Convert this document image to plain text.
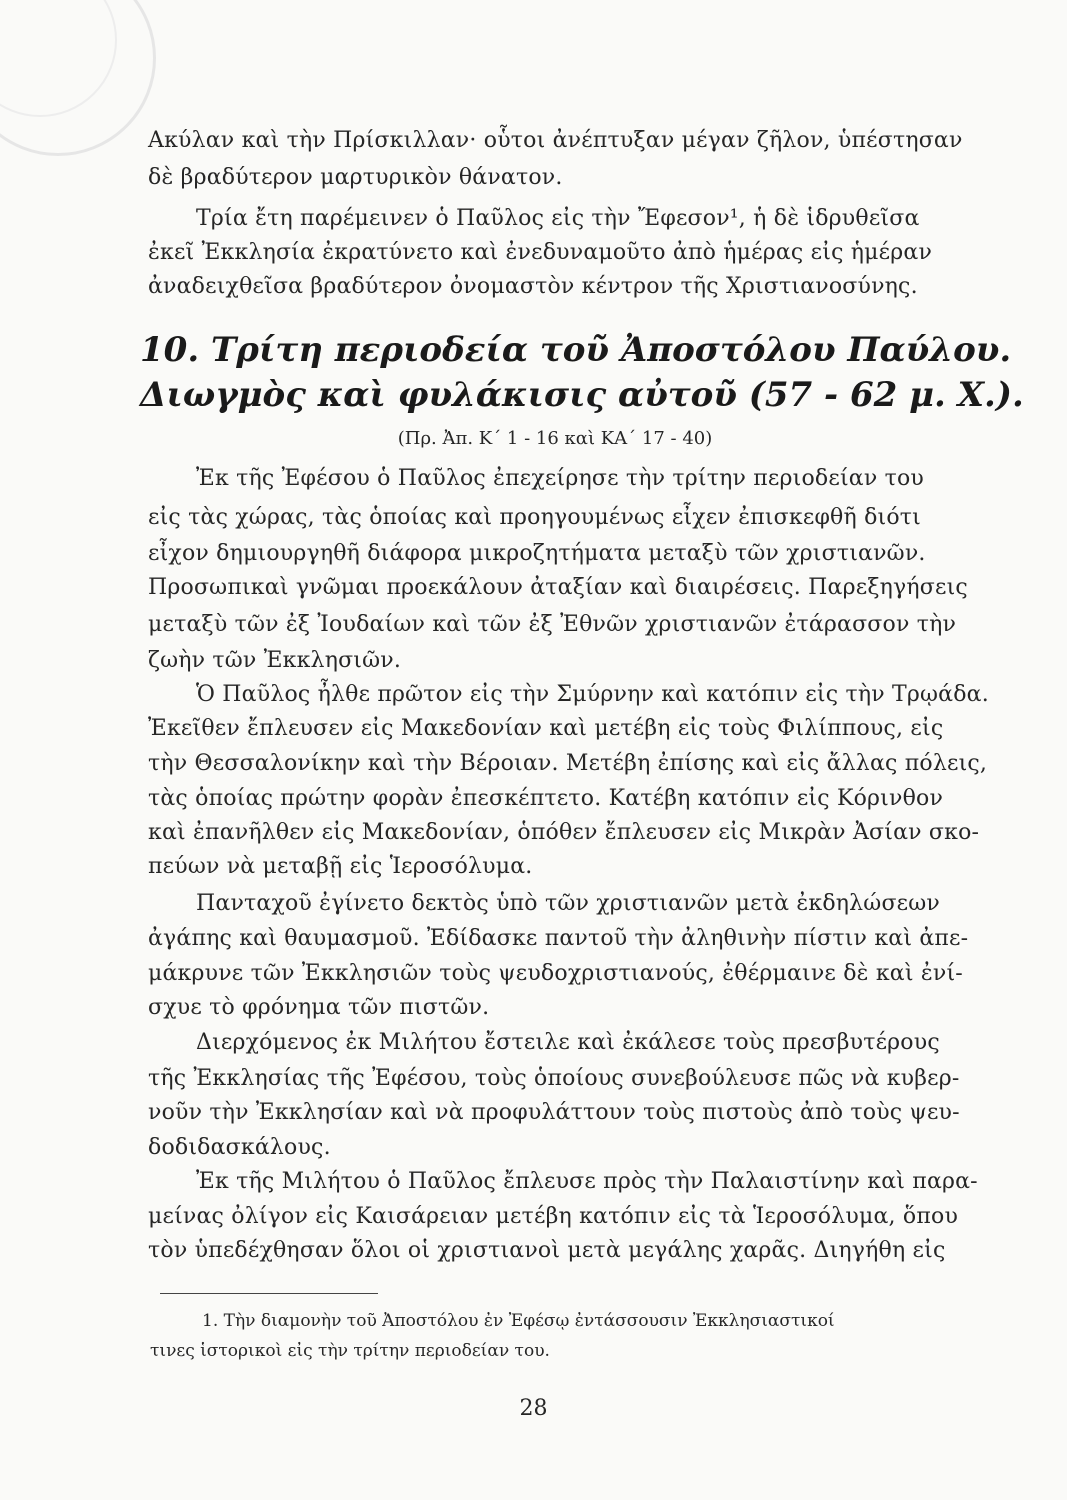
Ακύλαν καὶ τὴν Πρίσκιλλαν· οὗτοι ἀνέπτυξαν μέγαν ζῆλον, ὑπέστησαν
δὲ βραδύτερον μαρτυρικὸν θάνατον.
Τρία ἔτη παρέμεινεν ὁ Παῦλος εἰς τὴν Ἔφεσον¹, ἡ δὲ ἱδρυθεῖσα
ἐκεῖ Ἐκκλησία ἐκρατύνετο καὶ ἐνεδυναμοῦτο ἀπὸ ἡμέρας εἰς ἡμέραν
ἀναδειχθεῖσα βραδύτερον ὀνομαστὸν κέντρον τῆς Χριστιανοσύνης.
10. Τρίτη περιοδεία τοῦ Ἀποστόλου Παύλου.
Διωγμὸς καὶ φυλάκισις αὐτοῦ (57 - 62 μ. Χ.).
(Πρ. Ἀπ. Κ΄ 1 - 16 καὶ ΚΑ΄ 17 - 40)
Ἐκ τῆς Ἐφέσου ὁ Παῦλος ἐπεχείρησε τὴν τρίτην περιοδείαν του
εἰς τὰς χώρας, τὰς ὁποίας καὶ προηγουμένως εἶχεν ἐπισκεφθῆ διότι
εἶχον δημιουργηθῆ διάφορα μικροζητήματα μεταξὺ τῶν χριστιανῶν.
Προσωπικαὶ γνῶμαι προεκάλουν ἀταξίαν καὶ διαιρέσεις. Παρεξηγήσεις
μεταξὺ τῶν ἐξ Ἰουδαίων καὶ τῶν ἐξ Ἐθνῶν χριστιανῶν ἐτάρασσον τὴν
ζωὴν τῶν Ἐκκλησιῶν.
Ὁ Παῦλος ἦλθε πρῶτον εἰς τὴν Σμύρνην καὶ κατόπιν εἰς τὴν Τρῳάδα.
Ἐκεῖθεν ἔπλευσεν εἰς Μακεδονίαν καὶ μετέβη εἰς τοὺς Φιλίππους, εἰς
τὴν Θεσσαλονίκην καὶ τὴν Βέροιαν. Μετέβη ἐπίσης καὶ εἰς ἄλλας πόλεις,
τὰς ὁποίας πρώτην φορὰν ἐπεσκέπτετο. Κατέβη κατόπιν εἰς Κόρινθον
καὶ ἐπανῆλθεν εἰς Μακεδονίαν, ὁπόθεν ἔπλευσεν εἰς Μικρὰν Ἀσίαν σκο-
πεύων νὰ μεταβῇ εἰς Ἱεροσόλυμα.
Πανταχοῦ ἐγίνετο δεκτὸς ὑπὸ τῶν χριστιανῶν μετὰ ἐκδηλώσεων
ἀγάπης καὶ θαυμασμοῦ. Ἐδίδασκε παντοῦ τὴν ἀληθινὴν πίστιν καὶ ἀπε-
μάκρυνε τῶν Ἐκκλησιῶν τοὺς ψευδοχριστιανούς, ἐθέρμαινε δὲ καὶ ἐνί-
σχυε τὸ φρόνημα τῶν πιστῶν.
Διερχόμενος ἐκ Μιλήτου ἔστειλε καὶ ἐκάλεσε τοὺς πρεσβυτέρους
τῆς Ἐκκλησίας τῆς Ἐφέσου, τοὺς ὁποίους συνεβούλευσε πῶς νὰ κυβερ-
νοῦν τὴν Ἐκκλησίαν καὶ νὰ προφυλάττουν τοὺς πιστοὺς ἀπὸ τοὺς ψευ-
δοδιδασκάλους.
Ἐκ τῆς Μιλήτου ὁ Παῦλος ἔπλευσε πρὸς τὴν Παλαιστίνην καὶ παρα-
μείνας ὀλίγον εἰς Καισάρειαν μετέβη κατόπιν εἰς τὰ Ἱεροσόλυμα, ὅπου
τὸν ὑπεδέχθησαν ὅλοι οἱ χριστιανοὶ μετὰ μεγάλης χαρᾶς. Διηγήθη εἰς
1. Τὴν διαμονὴν τοῦ Ἀποστόλου ἐν Ἐφέσῳ ἐντάσσουσιν Ἐκκλησιαστικοί
τινες ἱστορικοὶ εἰς τὴν τρίτην περιοδείαν του.
28
